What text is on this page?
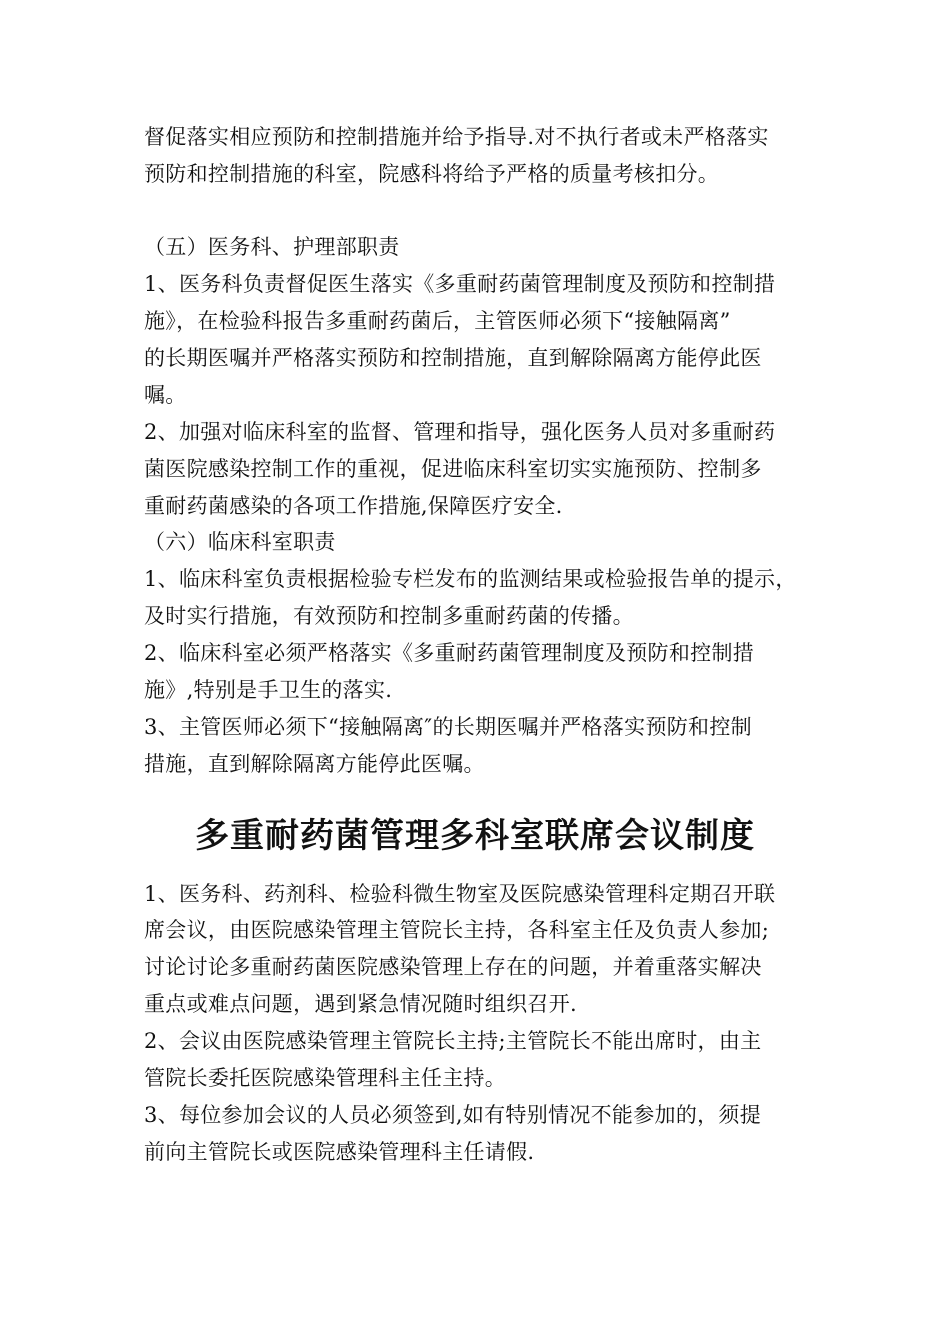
督促落实相应预防和控制措施并给予指导.对不执行者或未严格落实
预防和控制措施的科室，院感科将给予严格的质量考核扣分。
（五）医务科、护理部职责
1、医务科负责督促医生落实《多重耐药菌管理制度及预防和控制措
施》，在检验科报告多重耐药菌后，主管医师必须下“接触隔离”
的长期医嘱并严格落实预防和控制措施，直到解除隔离方能停此医
嘱。
2、加强对临床科室的监督、管理和指导，强化医务人员对多重耐药
菌医院感染控制工作的重视，促进临床科室切实实施预防、控制多
重耐药菌感染的各项工作措施,保障医疗安全.
（六）临床科室职责
1、临床科室负责根据检验专栏发布的监测结果或检验报告单的提示，
及时实行措施，有效预防和控制多重耐药菌的传播。
2、临床科室必须严格落实《多重耐药菌管理制度及预防和控制措
施》,特别是手卫生的落实.
3、主管医师必须下“接触隔离″的长期医嘱并严格落实预防和控制
措施，直到解除隔离方能停此医嘱。
多重耐药菌管理多科室联席会议制度
1、医务科、药剂科、检验科微生物室及医院感染管理科定期召开联
席会议，由医院感染管理主管院长主持，各科室主任及负责人参加;
讨论讨论多重耐药菌医院感染管理上存在的问题，并着重落实解决
重点或难点问题，遇到紧急情况随时组织召开.
2、会议由医院感染管理主管院长主持;主管院长不能出席时，由主
管院长委托医院感染管理科主任主持。
3、每位参加会议的人员必须签到,如有特别情况不能参加的，须提
前向主管院长或医院感染管理科主任请假.
